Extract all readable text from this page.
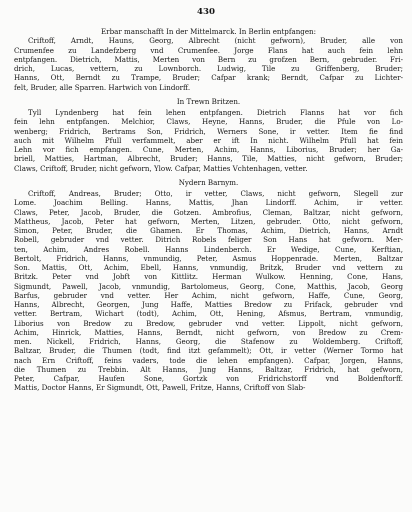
430
Erbar manschafft In der Mittelmarck. In Berlin entpfangen:
Criftoff, Arndt, Hauns, Georg, Albrecht (nicht gefworn), Bruder, alle von
Crumenfee zu Landefzberg vnd Crumenfee. Jorge Flans hat auch fein lehn
entpfangen. Dietrich, Mattis, Merten von Bern zu grofzen Bern, gebruder. Fri-
drich, Lucas, vettern, zu Lownborch. Ludwig, Tile zu Griffenberg, Bruder;
Hanns, Ott, Berndt zu Trampe, Bruder; Cafpar krank; Berndt, Cafpar zu Lichter-
felt, Bruder, alle Sparren. Hartwich von Lindorff.
In Trewn Britzen.
Tyll Lyndenberg hat fein lehen entpfangen. Dietrich Flanns hat vor fich
fein lehn entpfangen. Melchior, Claws, Heyne, Hanns, Bruder, die Pfule von Lo-
wenberg; Fridrich, Bertrams Son, Fridrich, Werners Sone, ir vetter. Item fie find
auch mit Wilhelm Pfull verfammelt, aber er ift In nicht. Wilhelm Pfull hat fein
Lehn vor fich empfangen. Cune, Merten, Achim, Hanns, Liborius, Bruder; her Ga-
briell, Matties, Hartman, Albrecht, Bruder; Hanns, Tile, Matties, nicht gefworn, Bruder;
Claws, Criftoff, Bruder, nicht gefworn, Ylow. Cafpar, Matties Vchtenhagen, vetter.
Nydern Barnym.
Criftoff, Andreas, Bruder; Otto, ir vetter, Claws, nicht gefworn, Slegell zur
Lome. Joachim Belling. Hanns, Mattis, Jhan Lindorff. Achim, ir vetter.
Claws, Peter, Jacob, Bruder, die Gotzen. Ambrofius, Cleman, Baltzar, nicht gefworn,
Mattheus, Jacob, Peter hat gefworn, Merten, Litzen, gebruder. Otto, nicht gefworn,
Simon, Peter, Bruder, die Ghamen. Er Thomas, Achim, Dietrich, Hanns, Arndt
Robell, gebruder vnd vetter. Ditrich Robels feliger Son Hans hat gefworn. Mer-
ten, Achim, Andres Robell. Hanns Lindenberch. Er Wedige, Cune, Kerftian,
Bertolt, Fridrich, Hanns, vnmundig, Peter, Asmus Hoppenrade. Merten, Baltzar
Son. Mattis, Ott, Achim, Ebell, Hanns, vnmundig, Britzk, Bruder vnd vettern zu
Britzk. Peter vnd Jobft von Kittlitz. Herman Wulkow. Henning, Cone, Hans,
Sigmundt, Pawell, Jacob, vnmundig, Bartolomeus, Georg, Cone, Matthis, Jacob, Georg
Barfus, gebruder vnd vetter. Her Achim, nicht gefworn, Haffe, Cune, Georg,
Hanns, Albrecht, Georgen, Jung Haffe, Matties Bredow zu Frifack, gebruder vnd
vetter. Bertram, Wichart (todt), Achim, Ott, Hening, Afsmus, Bertram, vnmundig,
Liborius von Bredow zu Bredow, gebruder vnd vetter. Lippolt, nicht gefworn,
Achim, Hinrick, Matties, Hanns, Berndt, nicht gefworn, von Bredow zu Crem-
men. Nickell, Fridrich, Hanns, Georg, die Stafenow zu Woldemberg. Criftoff,
Baltzar, Bruder, die Thumen (todt, find itzt gefammelt); Ott, ir vetter (Werner Tormo hat
nach Ern Criftoff, feins vaders, tode die lehen empfangen). Cafpar, Jorgen, Hanns,
die Thumen zu Trebbin. Alt Hanns, Jung Hanns, Baltzar, Fridrich, hat gefworn,
Peter, Cafpar, Haufen Sone, Gortzk von Fridrichstorff vnd Boldenftorff.
Mattis, Doctor Hanns, Er Sigmundt, Ott, Pawell, Fritze, Hanns, Criftoff von Slab-
